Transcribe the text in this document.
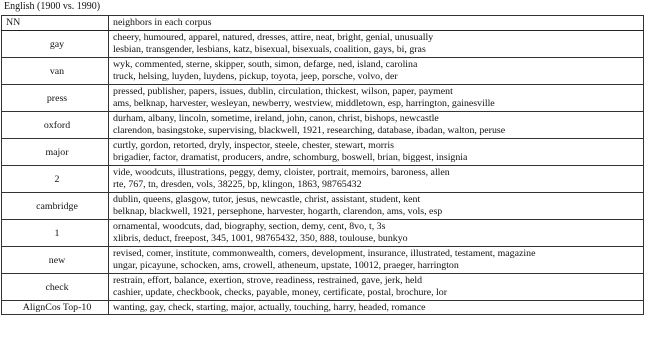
English (1900 vs. 1990)
NN	neighbors in each corpus
gay	cheery, humoured, apparel, natured, dresses, attire, neat, bright, genial, unusually
lesbian, transgender, lesbians, katz, bisexual, bisexuals, coalition, gays, bi, gras

van	wyk, commented, sterne, skipper, south, simon, defarge, ned, island, carolina
truck, helsing, luyden, luydens, pickup, toyota, jeep, porsche, volvo, der

press	pressed, publisher, papers, issues, dublin, circulation, thickest, wilson, paper, payment
ams, belknap, harvester, wesleyan, newberry, westview, middletown, esp, harrington, gainesville

oxford	durham, albany, lincoln, sometime, ireland, john, canon, christ, bishops, newcastle
clarendon, basingstoke, supervising, blackwell, 1921, researching, database, ibadan, walton, peruse

major	curtly, gordon, retorted, dryly, inspector, steele, chester, stewart, morris
brigadier, factor, dramatist, producers, andre, schomburg, boswell, brian, biggest, insignia

2	vide, woodcuts, illustrations, peggy, demy, cloister, portrait, memoirs, baroness, allen
rte, 767, tn, dresden, vols, 38225, bp, klingon, 1863, 98765432

cambridge	dublin, queens, glasgow, tutor, jesus, newcastle, christ, assistant, student, kent
belknap, blackwell, 1921, persephone, harvester, hogarth, clarendon, ams, vols, esp

1	ornamental, woodcuts, dad, biography, section, demy, cent, 8vo, t, 3s
xlibris, deduct, freepost, 345, 1001, 98765432, 350, 888, toulouse, bunkyo

new	revised, comer, institute, commonwealth, comers, development, insurance, illustrated, testament, magazine
ungar, picayune, schocken, ams, crowell, atheneum, upstate, 10012, praeger, harrington

check	restrain, effort, balance, exertion, strove, readiness, restrained, gave, jerk, held
cashier, update, checkbook, checks, payable, money, certificate, postal, brochure, lor

AlignCos Top-10	wanting, gay, check, starting, major, actually, touching, harry, headed, romance
